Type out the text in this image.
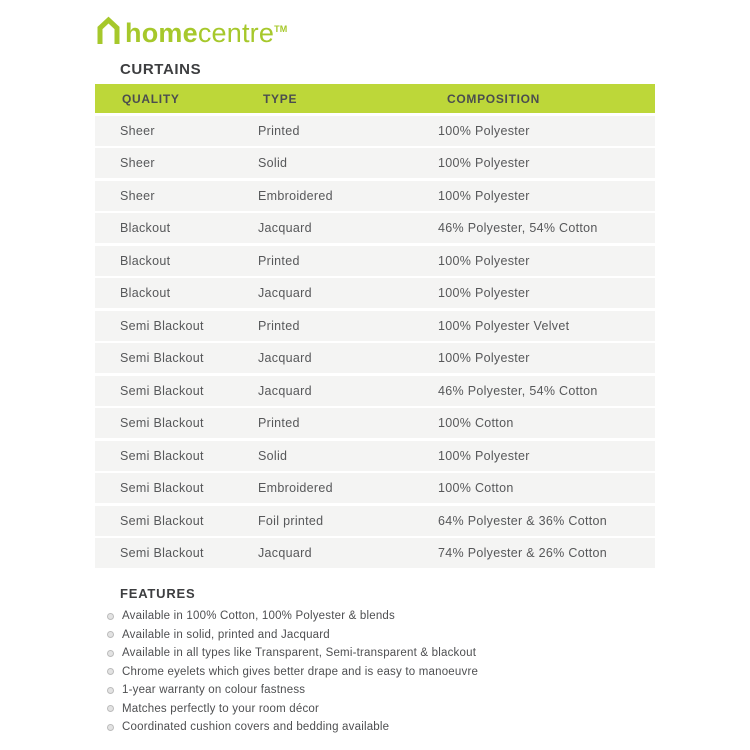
homecentre™
CURTAINS
QUALITY	TYPE	COMPOSITION
Sheer	Printed	100% Polyester
Sheer	Solid	100% Polyester
Sheer	Embroidered	100% Polyester
Blackout	Jacquard	46% Polyester, 54% Cotton
Blackout	Printed	100% Polyester
Blackout	Jacquard	100% Polyester
Semi Blackout	Printed	100% Polyester Velvet
Semi Blackout	Jacquard	100% Polyester
Semi Blackout	Jacquard	46% Polyester, 54% Cotton
Semi Blackout	Printed	100% Cotton
Semi Blackout	Solid	100% Polyester
Semi Blackout	Embroidered	100% Cotton
Semi Blackout	Foil printed	64% Polyester & 36% Cotton
Semi Blackout	Jacquard	74% Polyester & 26% Cotton
FEATURES
Available in 100% Cotton, 100% Polyester & blends
Available in solid, printed and Jacquard
Available in all types like Transparent, Semi-transparent & blackout
Chrome eyelets which gives better drape and is easy to manoeuvre
1-year warranty on colour fastness
Matches perfectly to your room décor
Coordinated cushion covers and bedding available
